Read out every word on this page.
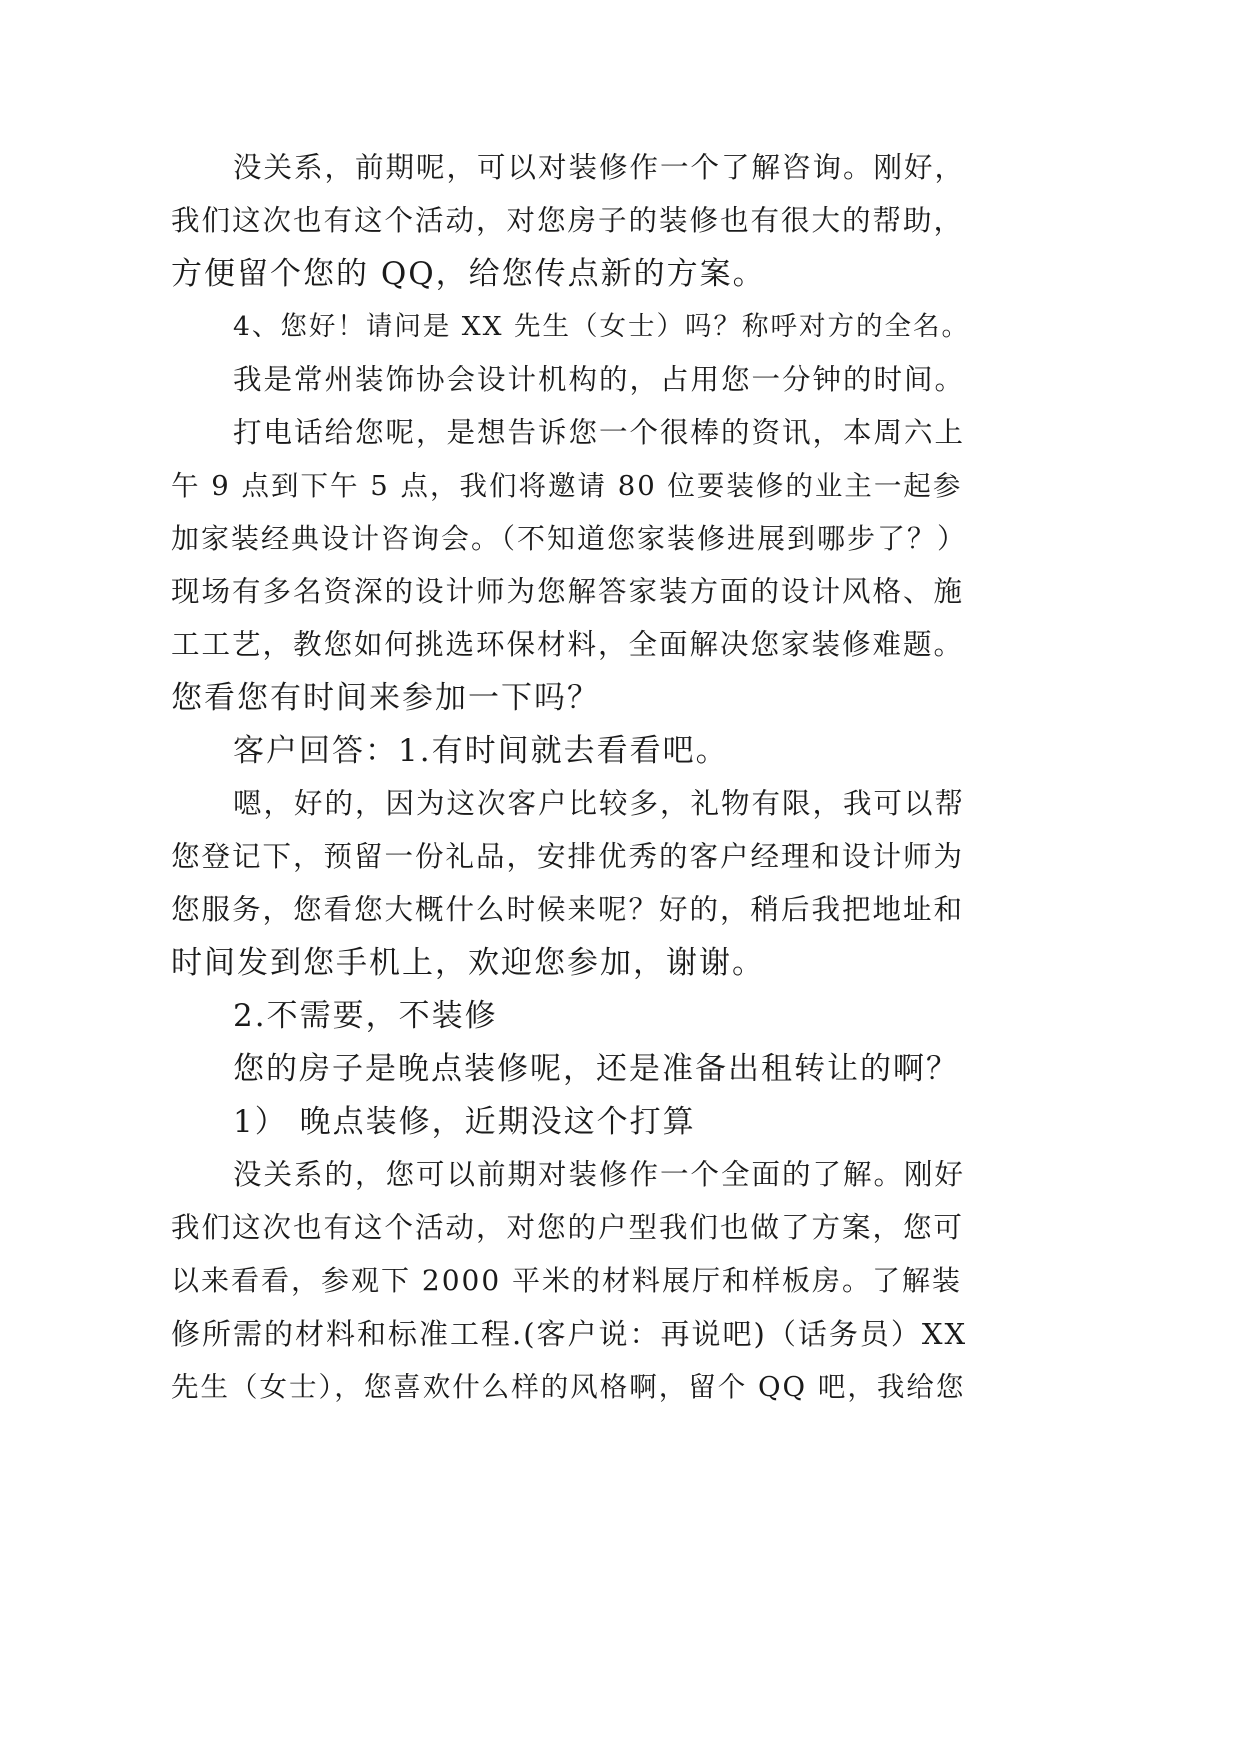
没关系，前期呢，可以对装修作一个了解咨询。刚好，

我们这次也有这个活动，对您房子的装修也有很大的帮助，

方便留个您的 QQ，给您传点新的方案。

4、您好！请问是 XX 先生（女士）吗？称呼对方的全名。

我是常州装饰协会设计机构的，占用您一分钟的时间。

打电话给您呢，是想告诉您一个很棒的资讯，本周六上

午 9 点到下午 5 点，我们将邀请 80 位要装修的业主一起参

加家装经典设计咨询会。（不知道您家装修进展到哪步了？）

现场有多名资深的设计师为您解答家装方面的设计风格、施

工工艺，教您如何挑选环保材料，全面解决您家装修难题。

您看您有时间来参加一下吗？

客户回答：1.有时间就去看看吧。

嗯，好的，因为这次客户比较多，礼物有限，我可以帮

您登记下，预留一份礼品，安排优秀的客户经理和设计师为

您服务，您看您大概什么时候来呢？好的，稍后我把地址和

时间发到您手机上，欢迎您参加，谢谢。

2.不需要，不装修

您的房子是晚点装修呢，还是准备出租转让的啊？

1） 晚点装修，近期没这个打算

没关系的，您可以前期对装修作一个全面的了解。刚好

我们这次也有这个活动，对您的户型我们也做了方案，您可

以来看看，参观下 2000 平米的材料展厅和样板房。了解装

修所需的材料和标准工程.(客户说：再说吧)（话务员）XX

先生（女士），您喜欢什么样的风格啊，留个 QQ 吧，我给您
